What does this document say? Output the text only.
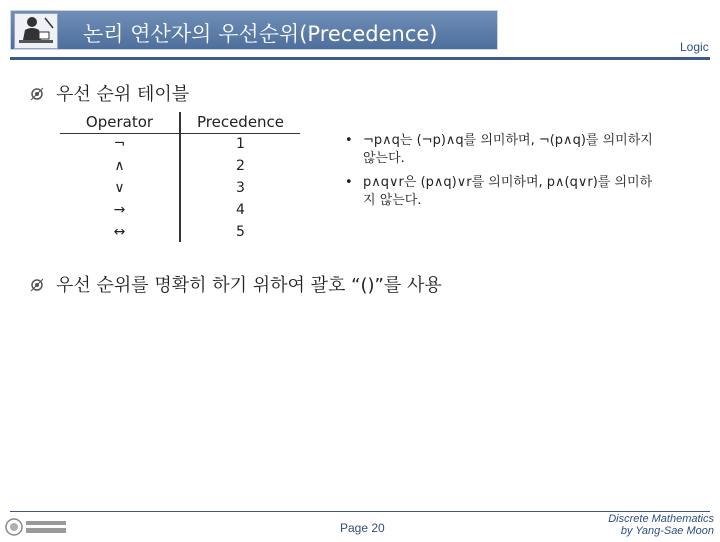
논리 연산자의 우선순위(Precedence)
Logic
우선 순위 테이블
Operator	Precedence
¬	1
∧	2
∨	3
→	4
↔	5
• ¬p∧q는 (¬p)∧q를 의미하며, ¬(p∧q)를 의미하지 않는다.
• p∧q∨r은 (p∧q)∨r를 의미하며, p∧(q∨r)를 의미하지 않는다.
우선 순위를 명확히 하기 위하여 괄호 “()”를 사용
Page 20
Discrete Mathematics
by Yang-Sae Moon
